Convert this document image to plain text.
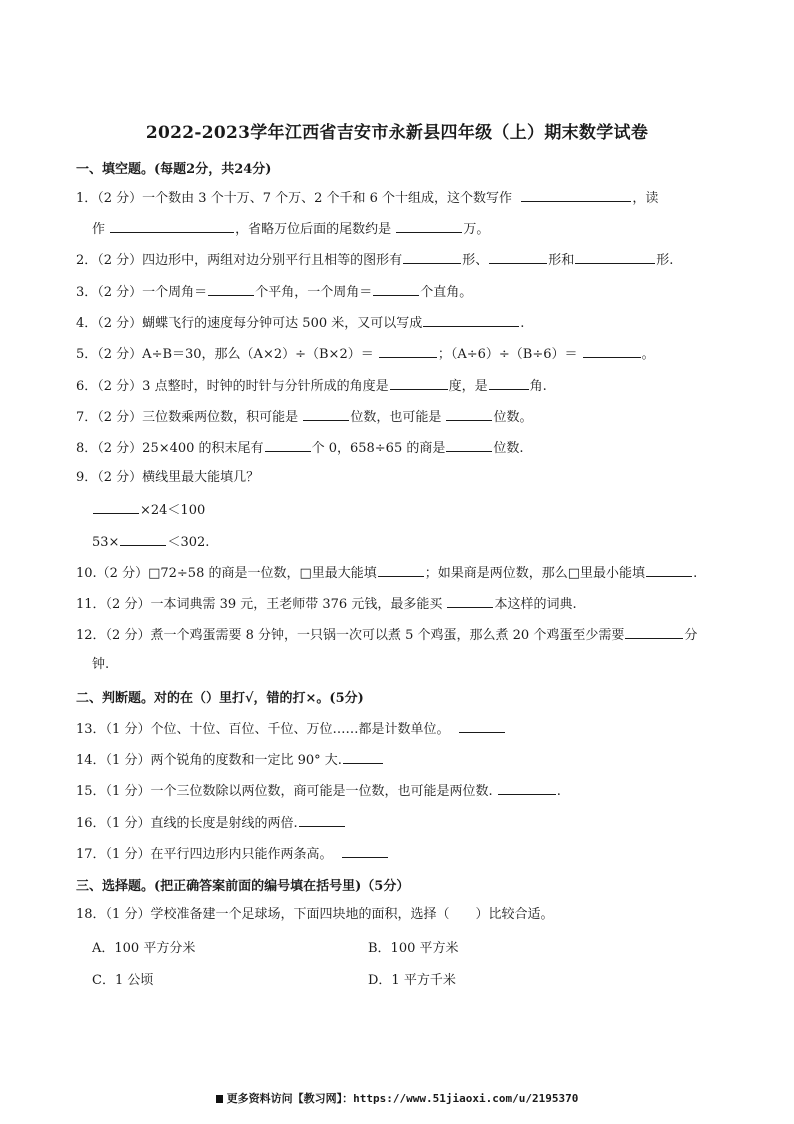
2022-2023学年江西省吉安市永新县四年级（上）期末数学试卷
一、填空题。(每题2分，共24分)
1．（2 分）一个数由 3 个十万、7 个万、2 个千和 6 个十组成，这个数写作	，读
作	，省略万位后面的尾数约是	万。
2．（2 分）四边形中，两组对边分别平行且相等的图形有	形、	形和	形.
3．（2 分）一个周角＝	个平角，一个周角＝	个直角。
4．（2 分）蝴蝶飞行的速度每分钟可达 500 米，又可以写成	.
5．（2 分）A÷B＝30，那么（A×2）÷（B×2）＝	；（A÷6）÷（B÷6）＝	。
6．（2 分）3 点整时，时钟的时针与分针所成的角度是	度，是	角.
7．（2 分）三位数乘两位数，积可能是	位数，也可能是	位数。
8．（2 分）25×400 的积末尾有	个 0，658÷65 的商是	位数.
9．（2 分）横线里最大能填几？
×24＜100
53×	＜302.
10.（2 分）□72÷58 的商是一位数，□里最大能填	；如果商是两位数，那么□里最小能填	.
11．（2 分）一本词典需 39 元，王老师带 376 元钱，最多能买	本这样的词典.
12．（2 分）煮一个鸡蛋需要 8 分钟，一只锅一次可以煮 5 个鸡蛋，那么煮 20 个鸡蛋至少需要	分
钟.
二、判断题。对的在（）里打√，错的打×。(5分)
13．（1 分）个位、十位、百位、千位、万位……都是计数单位。
14．（1 分）两个锐角的度数和一定比 90° 大.
15．（1 分）一个三位数除以两位数，商可能是一位数，也可能是两位数.	.
16．（1 分）直线的长度是射线的两倍.
17．（1 分）在平行四边形内只能作两条高。
三、选择题。(把正确答案前面的编号填在括号里)（5分）
18．（1 分）学校准备建一个足球场，下面四块地的面积，选择（　　）比较合适。
A．100 平方分米	B．100 平方米
C．1 公顷	D．1 平方千米
更多资料访问【教习网】：https://www.51jiaoxi.com/u/2195370
